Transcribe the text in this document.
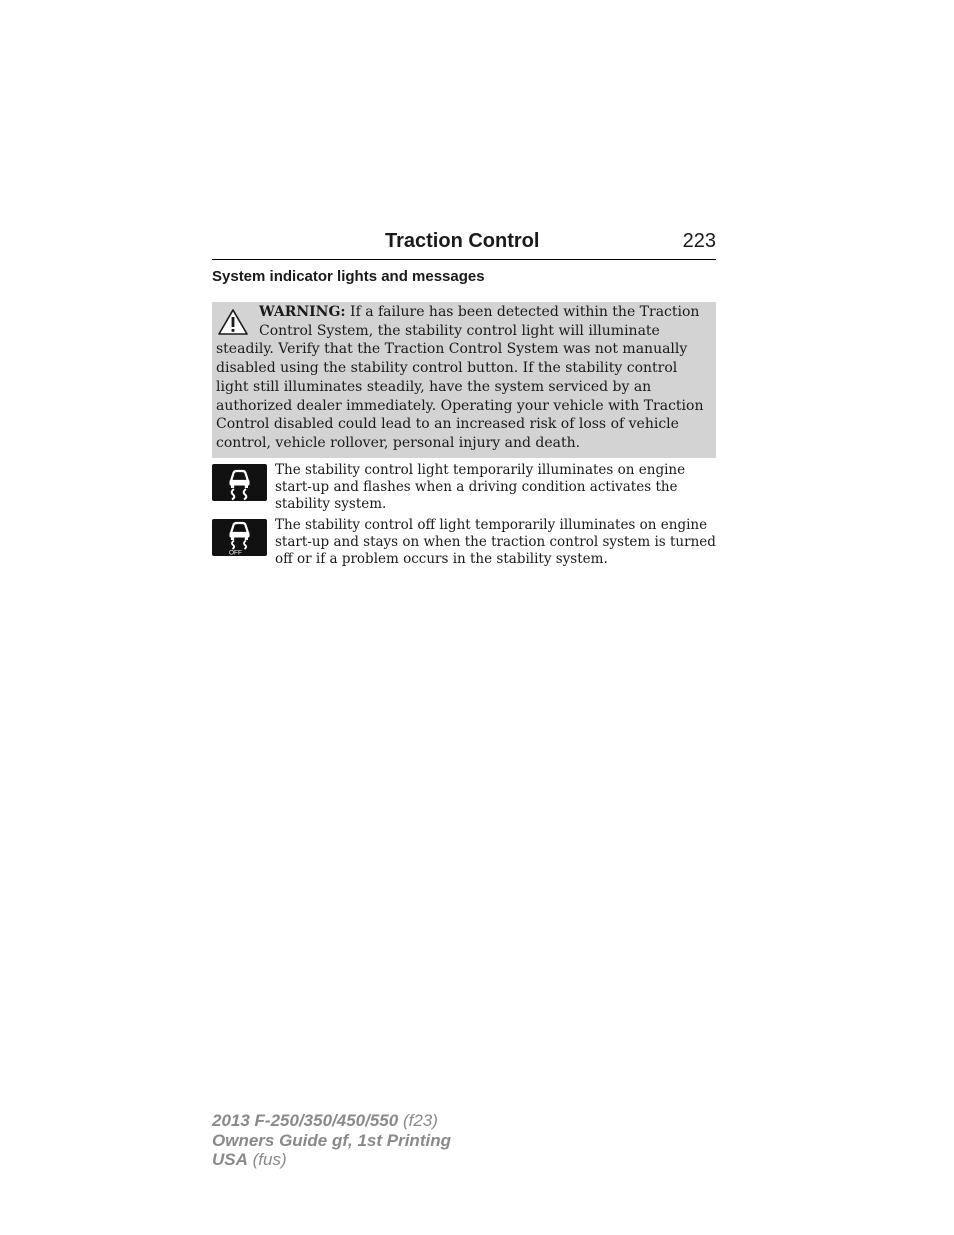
Traction Control	223
System indicator lights and messages

WARNING: If a failure has been detected within the Traction Control System, the stability control light will illuminate steadily. Verify that the Traction Control System was not manually disabled using the stability control button. If the stability control light still illuminates steadily, have the system serviced by an authorized dealer immediately. Operating your vehicle with Traction Control disabled could lead to an increased risk of loss of vehicle control, vehicle rollover, personal injury and death.

The stability control light temporarily illuminates on engine start-up and flashes when a driving condition activates the stability system.

OFF

The stability control off light temporarily illuminates on engine start-up and stays on when the traction control system is turned off or if a problem occurs in the stability system.

2013 F-250/350/450/550 (f23)
Owners Guide gf, 1st Printing
USA (fus)
